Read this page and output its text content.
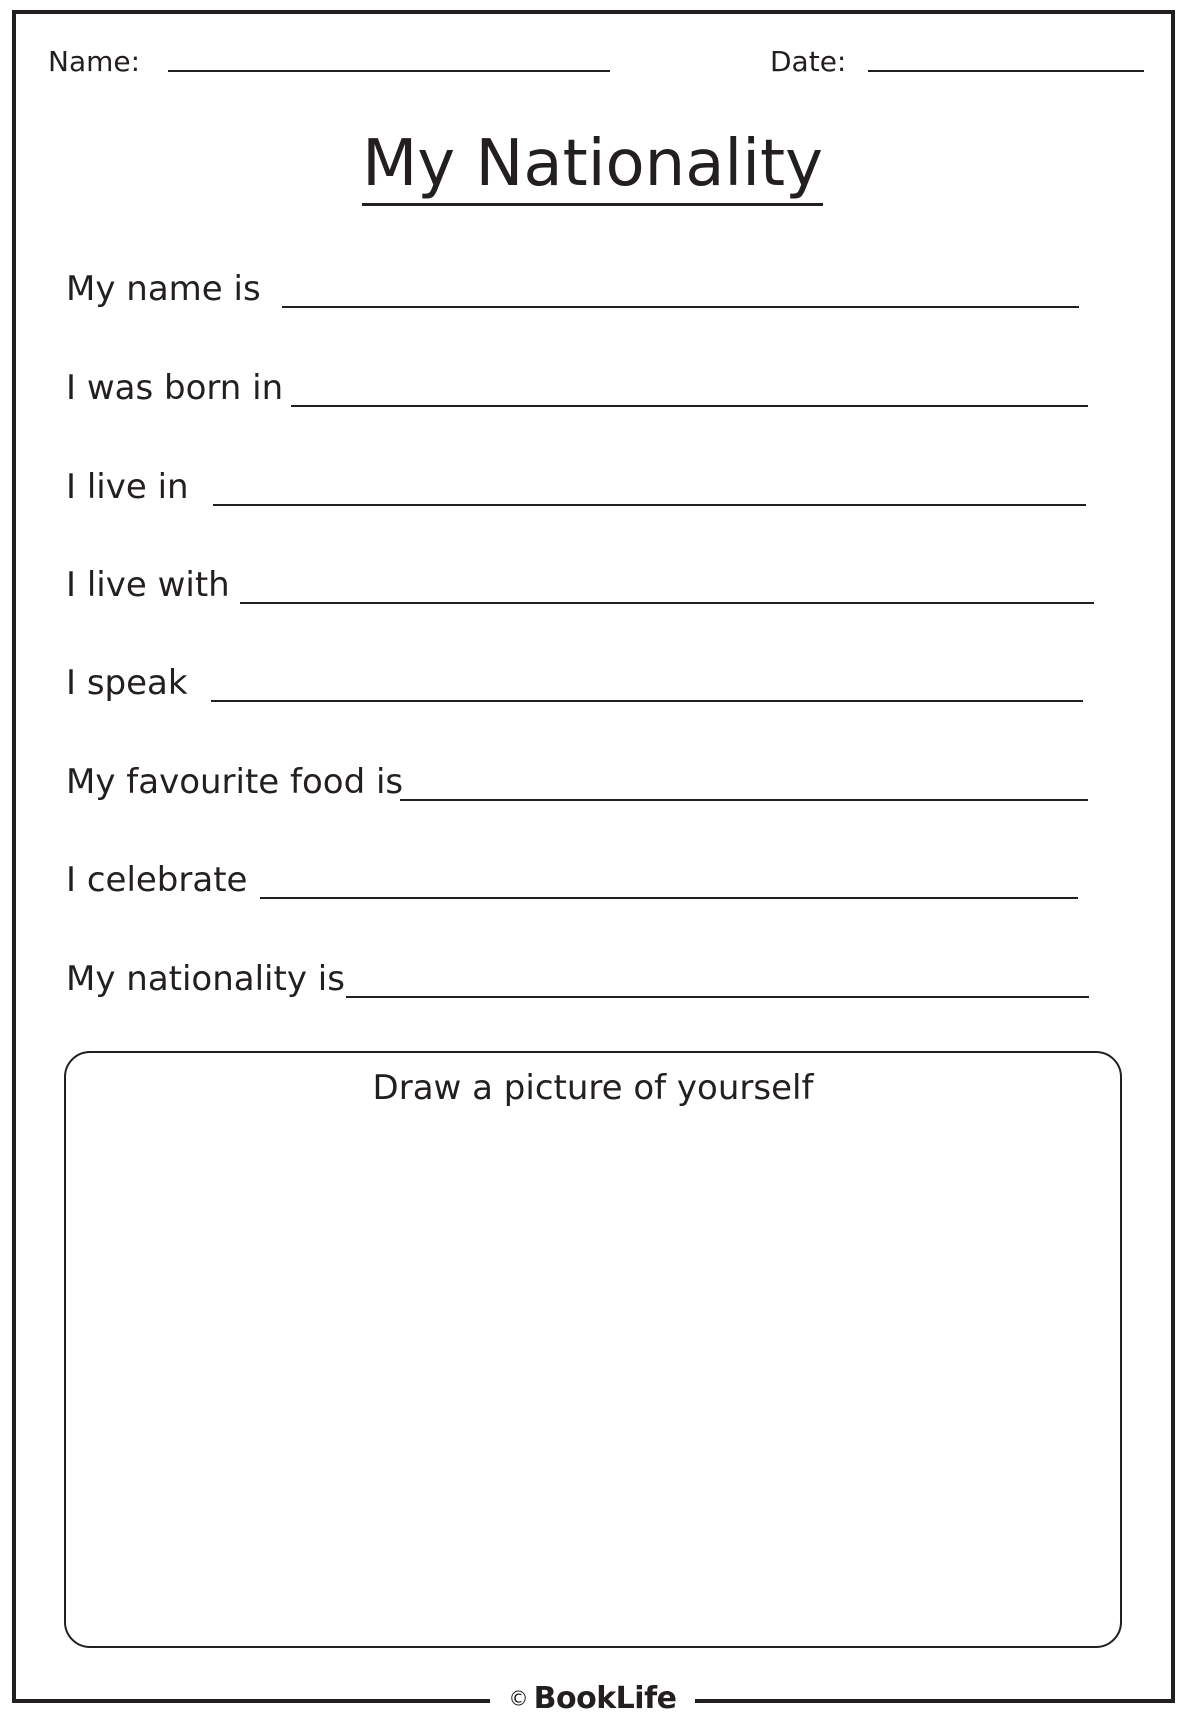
Name:	Date:
My Nationality
My name is
I was born in
I live in
I live with
I speak
My favourite food is
I celebrate
My nationality is
Draw a picture of yourself
© BookLife
